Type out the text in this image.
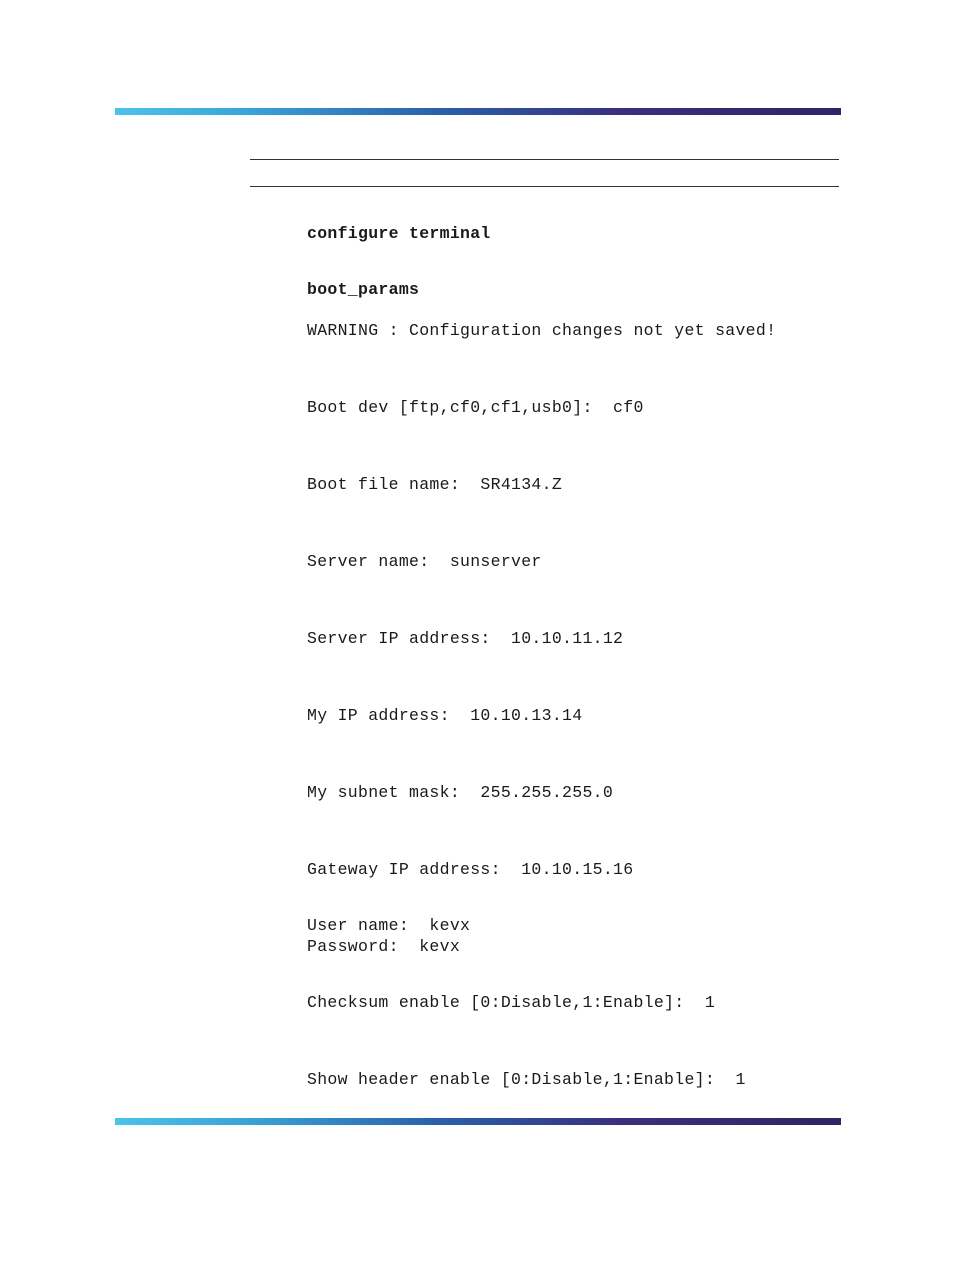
configure terminal
boot_params
WARNING : Configuration changes not yet saved!
Boot dev [ftp,cf0,cf1,usb0]:  cf0
Boot file name:  SR4134.Z
Server name:  sunserver
Server IP address:  10.10.11.12
My IP address:  10.10.13.14
My subnet mask:  255.255.255.0
Gateway IP address:  10.10.15.16
User name:  kevx
Password:  kevx
Checksum enable [0:Disable,1:Enable]:  1
Show header enable [0:Disable,1:Enable]:  1
